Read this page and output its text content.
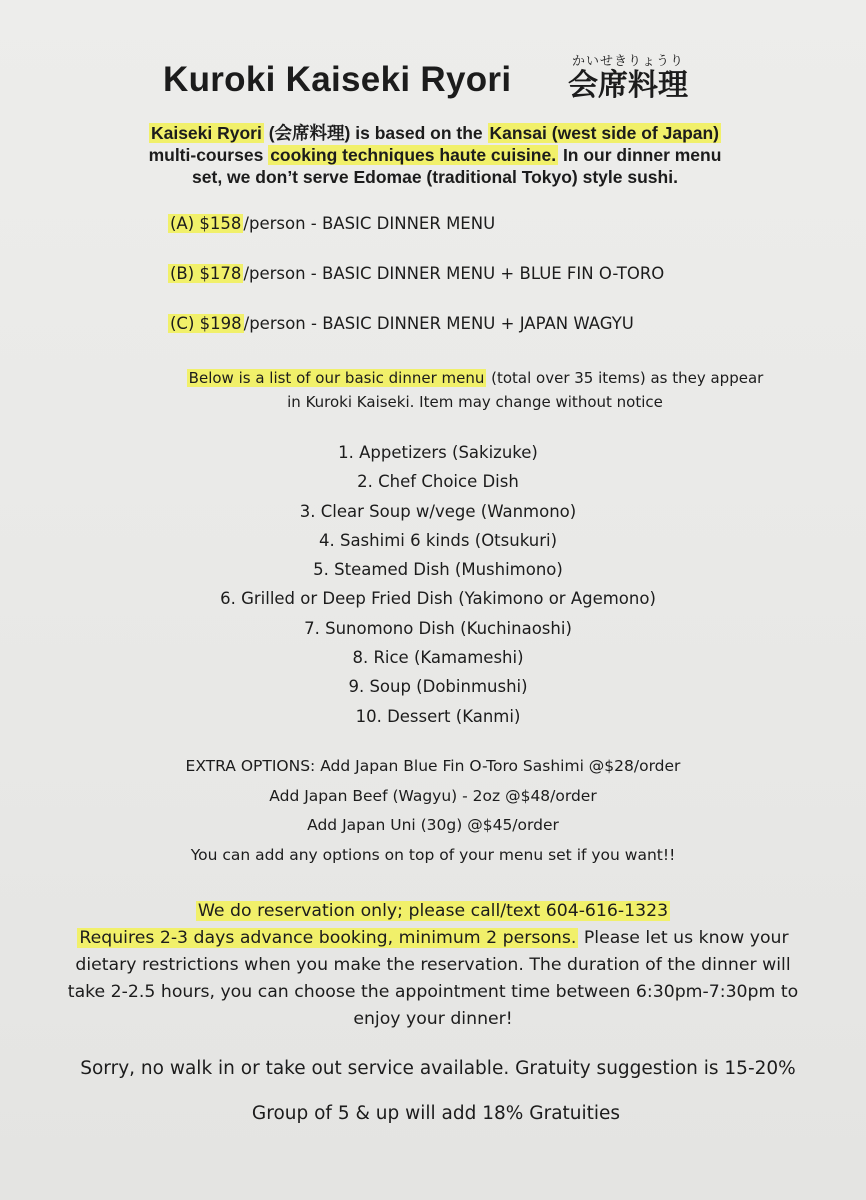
Kuroki Kaiseki Ryori	かいせきりょうり
会席料理
Kaiseki Ryori (会席料理) is based on the Kansai (west side of Japan)
multi-courses cooking techniques haute cuisine. In our dinner menu
set, we don’t serve Edomae (traditional Tokyo) style sushi.
(A) $158 /person - BASIC DINNER MENU
(B) $178 /person - BASIC DINNER MENU + BLUE FIN O-TORO
(C) $198 /person - BASIC DINNER MENU + JAPAN WAGYU
Below is a list of our basic dinner menu (total over 35 items) as they appear
in Kuroki Kaiseki. Item may change without notice
1. Appetizers (Sakizuke)
2. Chef Choice Dish
3. Clear Soup w/vege (Wanmono)
4. Sashimi 6 kinds (Otsukuri)
5. Steamed Dish (Mushimono)
6. Grilled or Deep Fried Dish (Yakimono or Agemono)
7. Sunomono Dish (Kuchinaoshi)
8. Rice (Kamameshi)
9. Soup (Dobinmushi)
10. Dessert (Kanmi)
EXTRA OPTIONS: Add Japan Blue Fin O-Toro Sashimi @$28/order
Add Japan Beef (Wagyu) - 2oz @$48/order
Add Japan Uni (30g) @$45/order
You can add any options on top of your menu set if you want!!
We do reservation only; please call/text 604-616-1323
Requires 2-3 days advance booking, minimum 2 persons. Please let us know your
dietary restrictions when you make the reservation. The duration of the dinner will
take 2-2.5 hours, you can choose the appointment time between 6:30pm-7:30pm to
enjoy your dinner!
Sorry, no walk in or take out service available. Gratuity suggestion is 15-20%
Group of 5 & up will add 18% Gratuities
